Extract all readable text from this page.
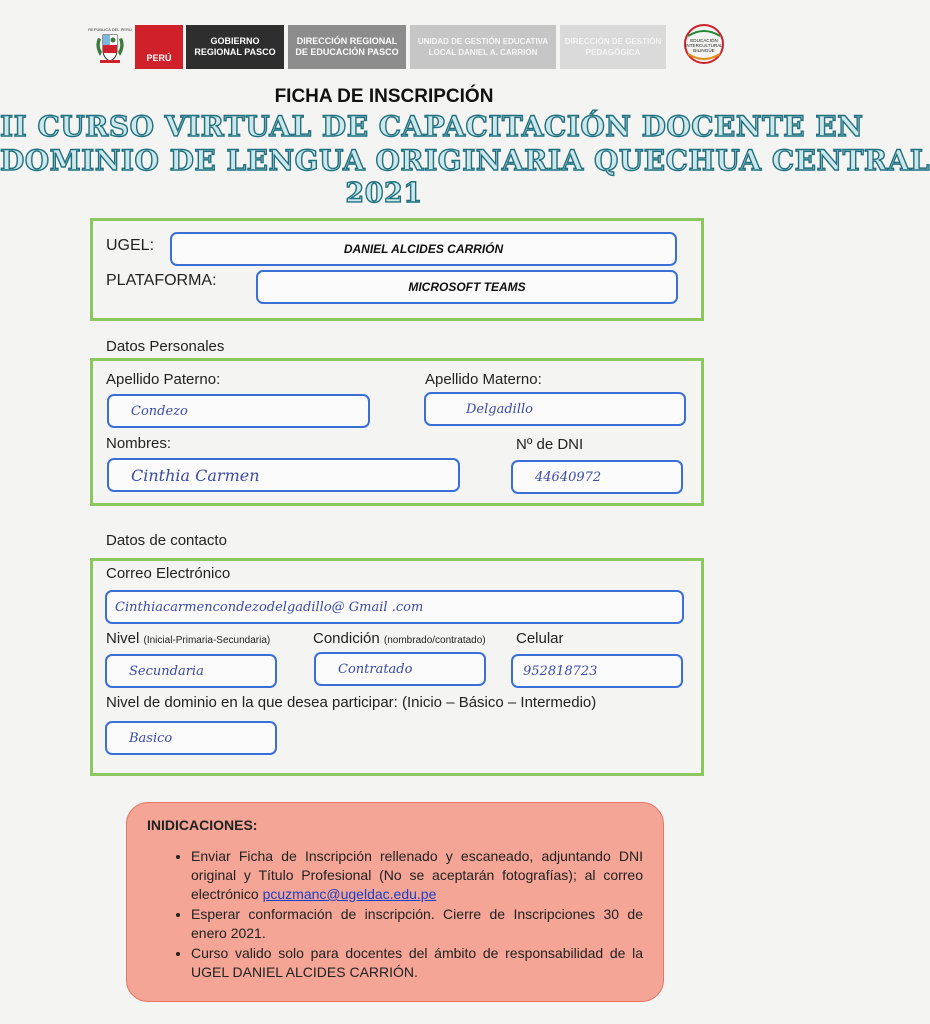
REPÚBLICA DEL PERÚ
PERÚ
GOBIERNO
REGIONAL PASCO
DIRECCIÓN REGIONAL
DE EDUCACIÓN PASCO
UNIDAD DE GESTIÓN EDUCATIVA
LOCAL DANIEL A. CARRIÓN
DIRECCIÓN DE GESTIÓN
PEDAGÓGICA
EDUCACIÓN
INTERCULTURAL
BILINGÜE
FICHA DE INSCRIPCIÓN
II CURSO VIRTUAL DE CAPACITACIÓN DOCENTE EN
DOMINIO DE LENGUA ORIGINARIA QUECHUA CENTRAL
2021
UGEL:	DANIEL ALCIDES CARRIÓN
PLATAFORMA:	MICROSOFT TEAMS
Datos Personales
Apellido Paterno:
Condezo
Apellido Materno:
Delgadillo
Nombres:
Cinthia Carmen
Nº de DNI
44640972
Datos de contacto
Correo Electrónico
Cinthiacarmencondezodelgadillo@ Gmail .com
Nivel (Inicial-Primaria-Secundaria)	Condición (nombrado/contratado) Celular
Secundaria	Contratado	952818723
Nivel de dominio en la que desea participar: (Inicio – Básico – Intermedio)
Basico
INIDICACIONES:
• Enviar Ficha de Inscripción rellenado y escaneado, adjuntando DNI original y Título Profesional (No se aceptarán fotografías); al correo electrónico pcuzmanc@ugeldac.edu.pe
• Esperar conformación de inscripción. Cierre de Inscripciones 30 de enero 2021.
• Curso valido solo para docentes del ámbito de responsabilidad de la UGEL DANIEL ALCIDES CARRIÓN.
